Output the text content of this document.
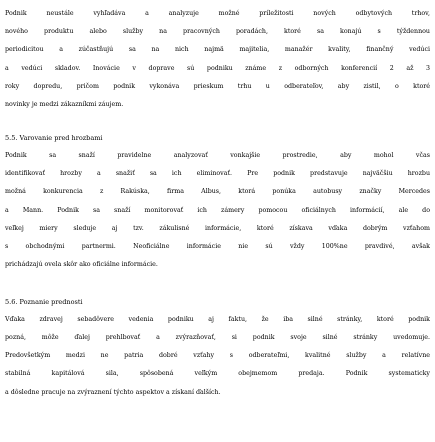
Podnik neustále vyhľadáva a analyzuje možné príležitosti nových odbytových trhov,
nového produktu alebo služby na pracovných poradách, ktoré sa konajú s týždennou
periodicitou a zúčastňujú sa na nich najmä majitelia, manažér kvality, finančný vedúci
a vedúci skladov. Inovácie v doprave sú podniku známe z odborných konferencií 2 až 3
roky dopredu, pričom podnik vykonáva prieskum trhu u odberateľov, aby zistil, o ktoré
novinky je medzi zákazníkmi záujem.
5.5. Varovanie pred hrozbami
Podnik sa snaží pravidelne analyzovať vonkajšie prostredie, aby mohol včas
identifikovať hrozby a snažiť sa ich eliminovať. Pre podnik predstavuje najväčšiu hrozbu
možná konkurencia z Rakúska, firma Albus, ktorá ponúka autobusy značky Mercedes
a Mann. Podnik sa snaží monitorovať ich zámery pomocou oficiálnych informácií, ale do
veľkej miery sleduje aj tzv. zákulisné informácie, ktoré získava vďaka dobrým vzťahom
s obchodnými partnermi. Neoficiálne informácie nie sú vždy 100%ne pravdivé, avšak
prichádzajú ovela skôr ako oficiálne informácie.
5.6. Poznanie prednosti
Vďaka zdravej sebadôvere vedenia podniku aj faktu, že iba silné stránky, ktoré podnik
pozná, môže ďalej prehlbovať a zvýrazňovať, si podnik svoje silné stránky uvedomuje.
Predovšetkým medzi ne patria dobré vzťahy s odberateľmi, kvalitné služby a relatívne
stabilná kapitálová sila, spôsobená veľkým obejmemom predaja. Podnik systematicky
a dôsledne pracuje na zvýraznení týchto aspektov a získaní ďalších.
